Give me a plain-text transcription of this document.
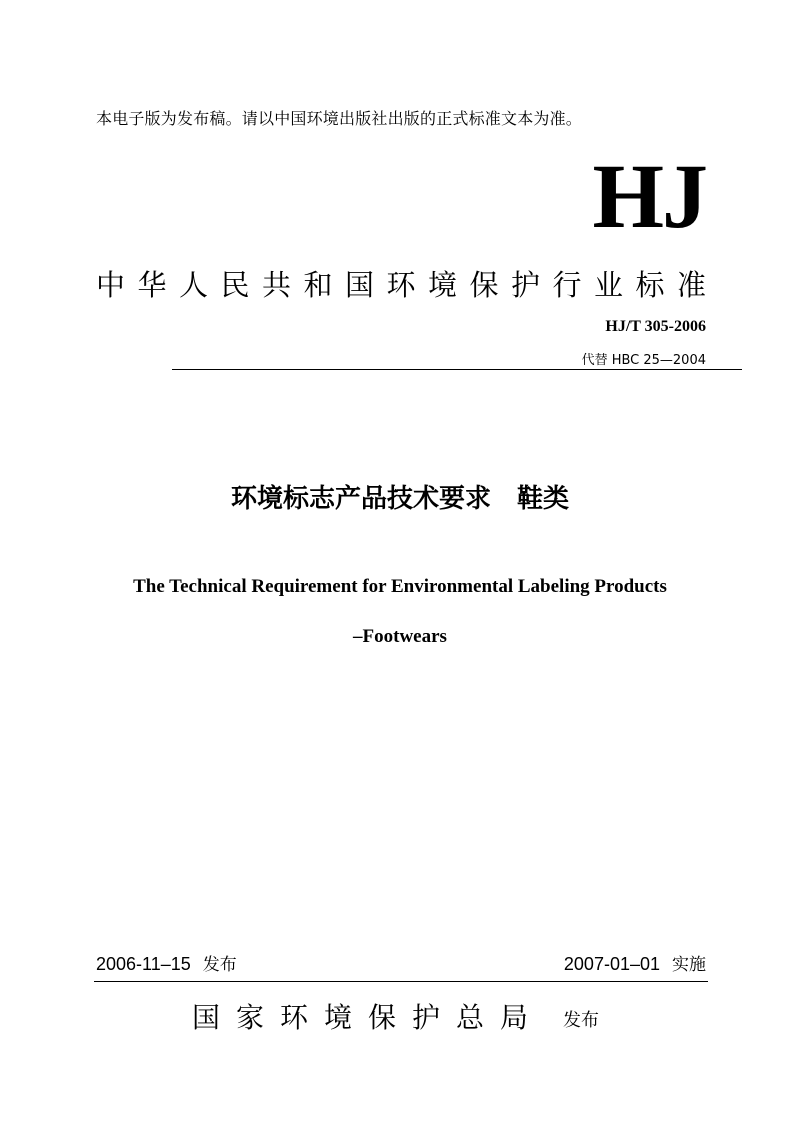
本电子版为发布稿。请以中国环境出版社出版的正式标准文本为准。
HJ
中华人民共和国环境保护行业标准
HJ/T 305-2006
代替 HBC 25—2004
环境标志产品技术要求　鞋类
The Technical Requirement for Environmental Labeling Products
–Footwears
2006-11–15 发布	2007-01–01 实施
国家环境保护总局 发布
